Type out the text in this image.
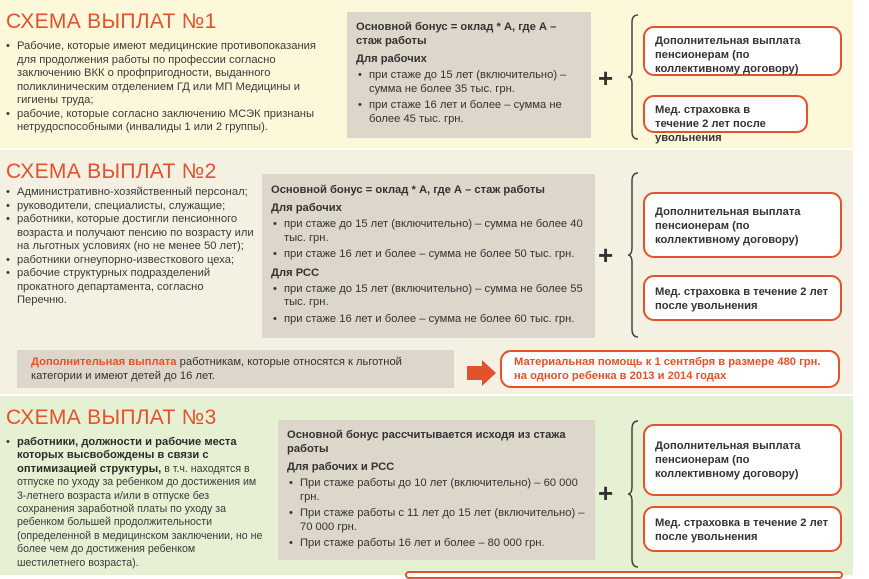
СХЕМА ВЫПЛАТ №1
• Рабочие, которые имеют медицинские противопоказания для продолжения работы по профессии согласно заключению ВКК о профпригодности, выданного поликлиническим отделением ГД или МП Медицины и гигиены труда;
• рабочие, которые согласно заключению МСЭК признаны нетрудоспособными (инвалиды 1 или 2 группы).
Основной бонус = оклад * А, где А – стаж работы
Для рабочих
• при стаже до 15 лет (включительно) – сумма не более 35 тыс. грн.
• при стаже 16 лет и более – сумма не более 45 тыс. грн.
+
Дополнительная выплата пенсионерам (по коллективному договору)
Мед. страховка в течение 2 лет после увольнения
СХЕМА ВЫПЛАТ №2
• Административно-хозяйственный персонал;
• руководители, специалисты, служащие;
• работники, которые достигли пенсионного возраста и получают пенсию по возрасту или на льготных условиях (но не менее 50 лет);
• работники огнеупорно-известкового цеха;
• рабочие структурных подразделений прокатного департамента, согласно Перечню.
Основной бонус = оклад * А, где А – стаж работы
Для рабочих
• при стаже до 15 лет (включительно) – сумма не более 40 тыс. грн.
• при стаже 16 лет и более – сумма не более 50 тыс. грн.
Для РСС
• при стаже до 15 лет (включительно) – сумма не более 55 тыс. грн.
• при стаже 16 лет и более – сумма не более 60 тыс. грн.
+
Дополнительная выплата пенсионерам (по коллективному договору)
Мед. страховка в течение 2 лет после увольнения
Дополнительная выплата работникам, которые относятся к льготной категории и имеют детей до 16 лет.
Материальная помощь к 1 сентября в размере 480 грн. на одного ребенка в 2013 и 2014 годах
СХЕМА ВЫПЛАТ №3
• работники, должности и рабочие места которых высвобождены в связи с оптимизацией структуры, в т.ч. находятся в отпуске по уходу за ребенком до достижения им 3-летнего возраста и/или в отпуске без сохранения заработной платы по уходу за ребенком большей продолжительности (определенной в медицинском заключении, но не более чем до достижения ребенком шестилетнего возраста).
Основной бонус рассчитывается исходя из стажа работы
Для рабочих и РСС
• При стаже работы до 10 лет (включительно) – 60 000 грн.
• При стаже работы с 11 лет до 15 лет (включительно) – 70 000 грн.
• При стаже работы 16 лет и более – 80 000 грн.
+
Дополнительная выплата пенсионерам (по коллективному договору)
Мед. страховка в течение 2 лет после увольнения
